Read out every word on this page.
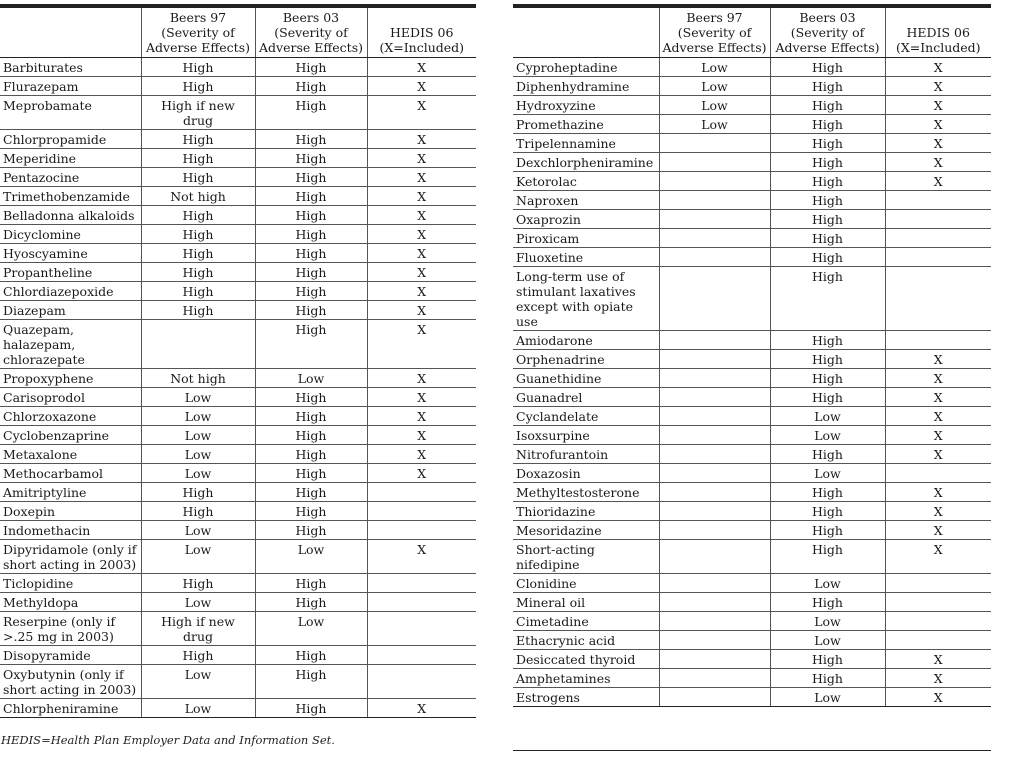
	Beers 97 (Severity of Adverse Effects)	Beers 03 (Severity of Adverse Effects)	HEDIS 06 (X=Included)
Barbiturates	High	High	X
Flurazepam	High	High	X
Meprobamate	High if new drug	High	X
Chlorpropamide	High	High	X
Meperidine	High	High	X
Pentazocine	High	High	X
Trimethobenzamide	Not high	High	X
Belladonna alkaloids	High	High	X
Dicyclomine	High	High	X
Hyoscyamine	High	High	X
Propantheline	High	High	X
Chlordiazepoxide	High	High	X
Diazepam	High	High	X
Quazepam, halazepam, chlorazepate		High	X
Propoxyphene	Not high	Low	X
Carisoprodol	Low	High	X
Chlorzoxazone	Low	High	X
Cyclobenzaprine	Low	High	X
Metaxalone	Low	High	X
Methocarbamol	Low	High	X
Amitriptyline	High	High	
Doxepin	High	High	
Indomethacin	Low	High	
Dipyridamole (only if short acting in 2003)	Low	Low	X
Ticlopidine	High	High	
Methyldopa	Low	High	
Reserpine (only if >.25 mg in 2003)	High if new drug	Low	
Disopyramide	High	High	
Oxybutynin (only if short acting in 2003)	Low	High	
Chlorpheniramine	Low	High	X
	Beers 97 (Severity of Adverse Effects)	Beers 03 (Severity of Adverse Effects)	HEDIS 06 (X=Included)
Cyproheptadine	Low	High	X
Diphenhydramine	Low	High	X
Hydroxyzine	Low	High	X
Promethazine	Low	High	X
Tripelennamine		High	X
Dexchlorpheniramine		High	X
Ketorolac		High	X
Naproxen		High	
Oxaprozin		High	
Piroxicam		High	
Fluoxetine		High	
Long-term use of stimulant laxatives except with opiate use		High	
Amiodarone		High	
Orphenadrine		High	X
Guanethidine		High	X
Guanadrel		High	X
Cyclandelate		Low	X
Isoxsurpine		Low	X
Nitrofurantoin		High	X
Doxazosin		Low	
Methyltestosterone		High	X
Thioridazine		High	X
Mesoridazine		High	X
Short-acting nifedipine		High	X
Clonidine		Low	
Mineral oil		High	
Cimetadine		Low	
Ethacrynic acid		Low	
Desiccated thyroid		High	X
Amphetamines		High	X
Estrogens		Low	X
HEDIS=Health Plan Employer Data and Information Set.
